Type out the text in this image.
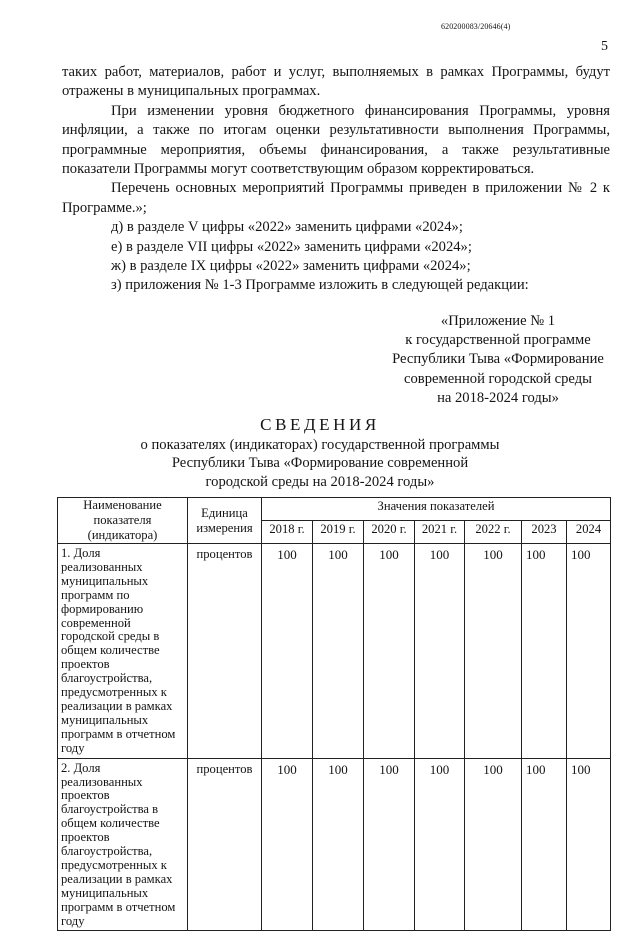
620200083/20646(4)
5

таких работ, материалов, работ и услуг, выполняемых в рамках Программы, будут отражены в муниципальных программах.

При изменении уровня бюджетного финансирования Программы, уровня инфляции, а также по итогам оценки результативности выполнения Программы, программные мероприятия, объемы финансирования, а также результативные показатели Программы могут соответствующим образом корректироваться.

Перечень основных мероприятий Программы приведен в приложении № 2 к Программе.»;

д) в разделе V цифры «2022» заменить цифрами «2024»;

е) в разделе VII цифры «2022» заменить цифрами «2024»;

ж) в разделе IX цифры «2022» заменить цифрами «2024»;

з) приложения № 1-3 Программе изложить в следующей редакции:

«Приложение № 1
к государственной программе
Республики Тыва «Формирование
современной городской среды
на 2018-2024 годы»
СВЕДЕНИЯ
о показателях (индикаторах) государственной программы
Республики Тыва «Формирование современной
городской среды на 2018-2024 годы»
Наименование показателя (индикатора)	Единица измерения	Значения показателей						
		2018 г.	2019 г.	2020 г.	2021 г.	2022 г.	2023	2024
1. Доля реализованных муниципальных программ по формированию современной городской среды в общем количестве проектов благоустройства, предусмотренных к реализации в рамках муниципальных программ в отчетном году	процентов	100	100	100	100	100	100	100
2. Доля реализованных проектов благоустройства в общем количестве проектов благоустройства, предусмотренных к реализации в рамках муниципальных программ в отчетном году	процентов	100	100	100	100	100	100	100
